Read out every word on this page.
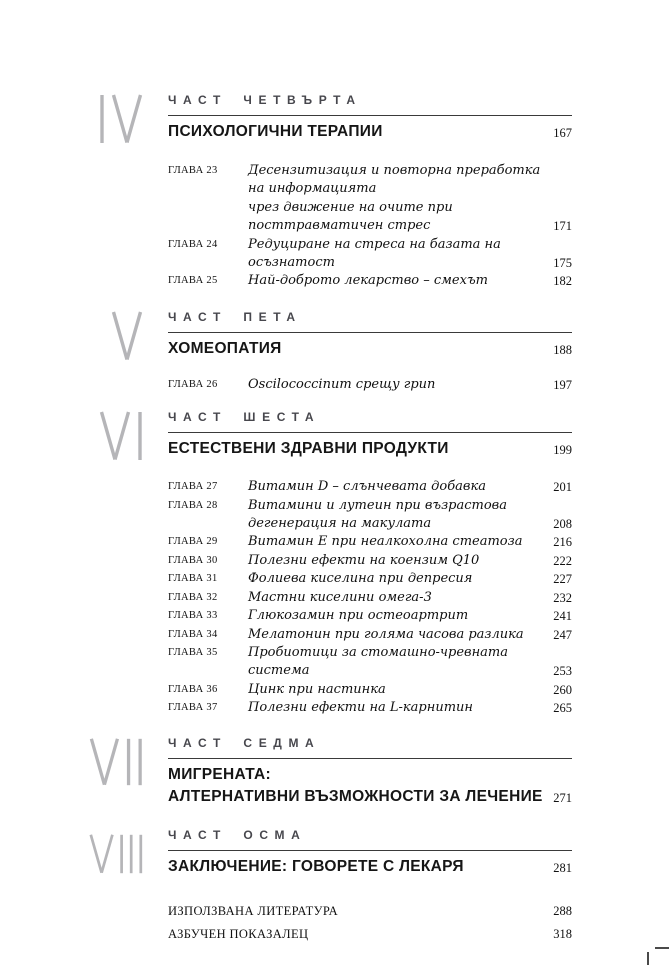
ЧАСТ ЧЕТВЪРТА
ПСИХОЛОГИЧНИ ТЕРАПИИ	167
ГЛАВА 23	Десензитизация и повторна преработка на информацията
чрез движение на очите при посттравматичен стрес	171
ГЛАВА 24	Редуциране на стреса на базата на осъзнатост	175
ГЛАВА 25	Най-доброто лекарство – смехът	182
ЧАСТ ПЕТА
ХОМЕОПАТИЯ	188
ГЛАВА 26	Oscilococcinum срещу грип	197
ЧАСТ ШЕСТА
ЕСТЕСТВЕНИ ЗДРАВНИ ПРОДУКТИ	199
ГЛАВА 27	Витамин D – слънчевата добавка	201
ГЛАВА 28	Витамини и лутеин при възрастова дегенерация на макулата	208
ГЛАВА 29	Витамин Е при неалкохолна стеатоза	216
ГЛАВА 30	Полезни ефекти на коензим Q10	222
ГЛАВА 31	Фолиева киселина при депресия	227
ГЛАВА 32	Мастни киселини омега-3	232
ГЛАВА 33	Глюкозамин при остеоартрит	241
ГЛАВА 34	Мелатонин при голяма часова разлика	247
ГЛАВА 35	Пробиотици за стомашно-чревната система	253
ГЛАВА 36	Цинк при настинка	260
ГЛАВА 37	Полезни ефекти на L-карнитин	265
ЧАСТ СЕДМА
МИГРЕНАТА:
АЛТЕРНАТИВНИ ВЪЗМОЖНОСТИ ЗА ЛЕЧЕНИЕ 271
ЧАСТ ОСМА
ЗАКЛЮЧЕНИЕ: ГОВОРЕТЕ С ЛЕКАРЯ	281
ИЗПОЛЗВАНА ЛИТЕРАТУРА	288
АЗБУЧЕН ПОКАЗАЛЕЦ	318
